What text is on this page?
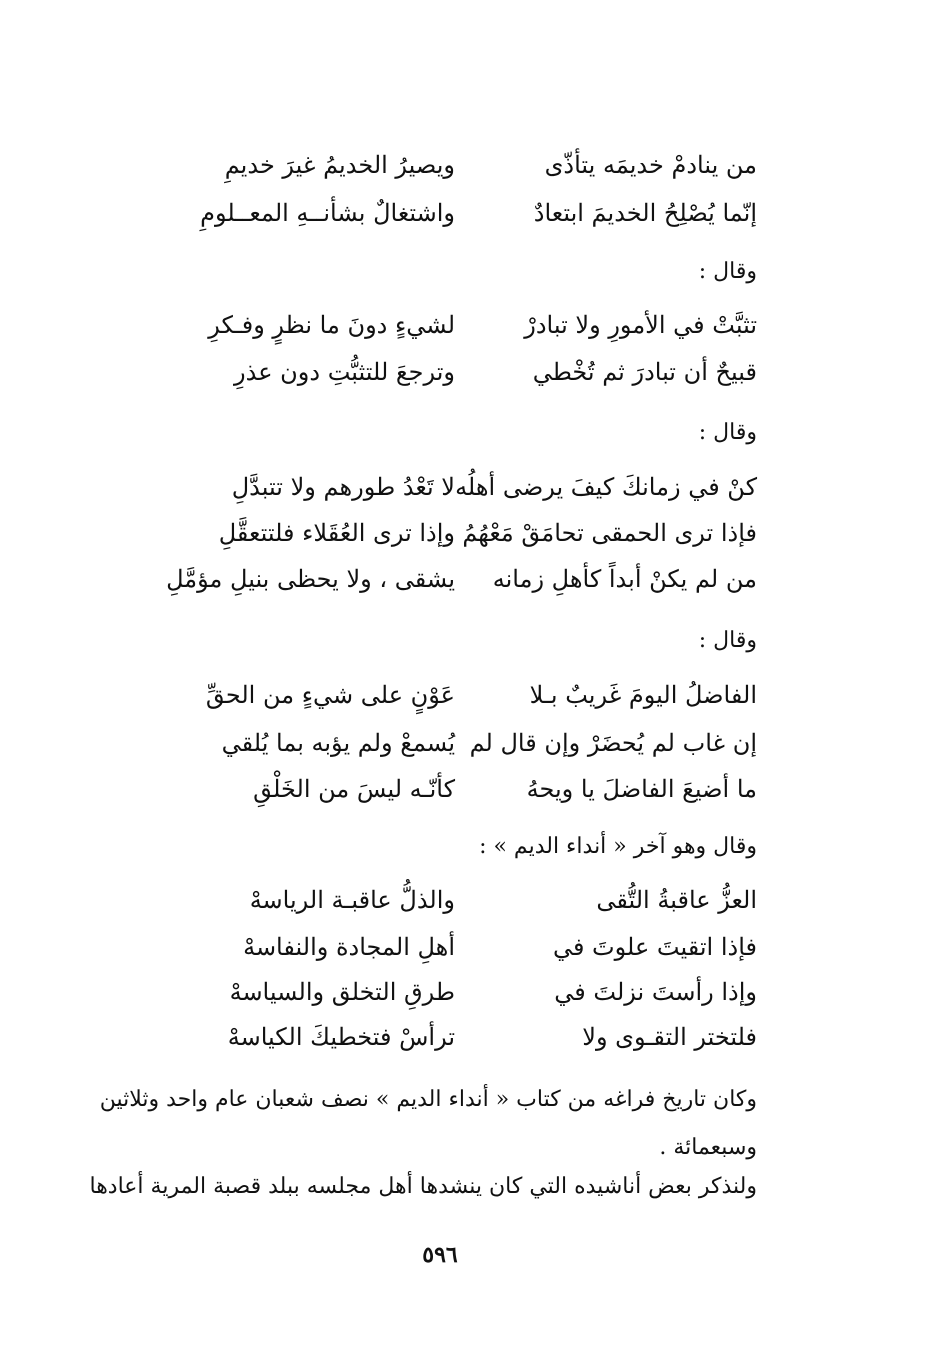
من ينادمْ خديمَه يتأذّى
ويصيرُ الخديمُ غيرَ خديمِ
إنّما يُصْلِحُ الخديمَ ابتعادٌ
واشتغالٌ بشأنــهِ المعــلومِ
وقال :
تثبَّتْ في الأمورِ ولا تبادرْ
لشيءٍ دونَ ما نظرٍ وفـكرِ
قبيحٌ أن تبادرَ ثم تُخْطي
وترجعَ للتثبُّتِ دون عذرِ
وقال :
كنْ في زمانكَ كيفَ يرضى أهلُه
لا تَعْدُ طورهم ولا تتبدَّلِ
فإذا ترى الحمقى تحامَقْ مَعْهُمُ
وإذا ترى العُقَلاء فلتتعقَّلِ
من لم يكنْ أبداً كأهلِ زمانه
يشقى ، ولا يحظى بنيلِ مؤمَّلِ
وقال :
الفاضلُ اليومَ غَريبٌ بـلا
عَوْنٍ على شيءٍ من الحقِّ
إن غاب لم يُحضَرْ وإن قال لم
يُسمعْ ولم يؤبه بما يُلقي
ما أضيعَ الفاضلَ يا ويحهُ
كأنّـه ليسَ من الخَلْقِ
وقال وهو آخر « أنداء الديم » :
العزُّ عاقبةُ التُّقى
والذلُّ عاقبـة الرياسهْ
فإذا اتقيتَ علوتَ في
أهلِ المجادة والنفاسهْ
وإذا رأستَ نزلتَ في
طرقِ التخلق والسياسهْ
فلتختر التقـوى ولا
ترأسْ فتخطيكَ الكياسهْ
وكان تاريخ فراغه من كتاب « أنداء الديم » نصف شعبان عام واحد وثلاثين
وسبعمائة .
ولنذكر بعض أناشيده التي كان ينشدها أهل مجلسه ببلد قصبة المرية أعادها
٥٩٦
